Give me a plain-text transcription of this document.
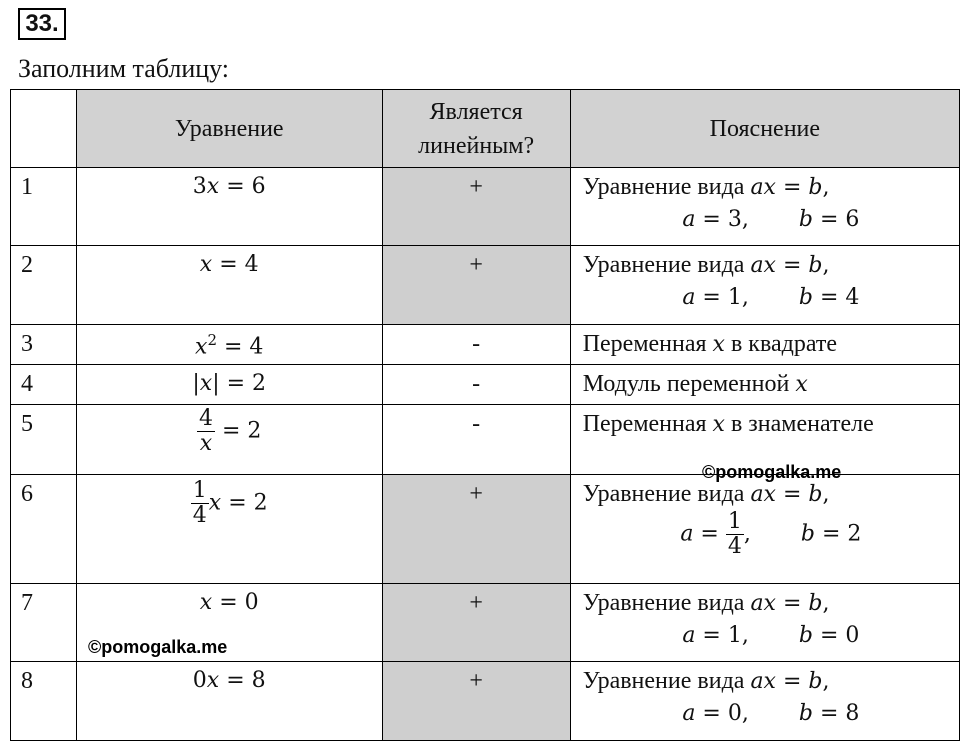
33.
Заполним таблицу:
	Уравнение	Является
линейным?	Пояснение
1	3x = 6	+	Уравнение вида ax = b,
a = 3, b = 6

2	x = 4	+	Уравнение вида ax = b,
a = 1, b = 4

3	$x^2 = 4$	-	Переменная x в квадрате
4	|x| = 2	-	Модуль переменной x
5	$\frac{4}{x} = 2$	-	Переменная x в знаменателе
6	$\frac{1}{4}$ x = 2	+	Уравнение вида ax = b,
$a = \frac{1}{4}$ , b = 2

7	x = 0	+	Уравнение вида ax = b,
a = 1, b = 0

8	0x = 8	+	Уравнение вида ax = b,
a = 0, b = 8
©pomogalka.me
©pomogalka.me
